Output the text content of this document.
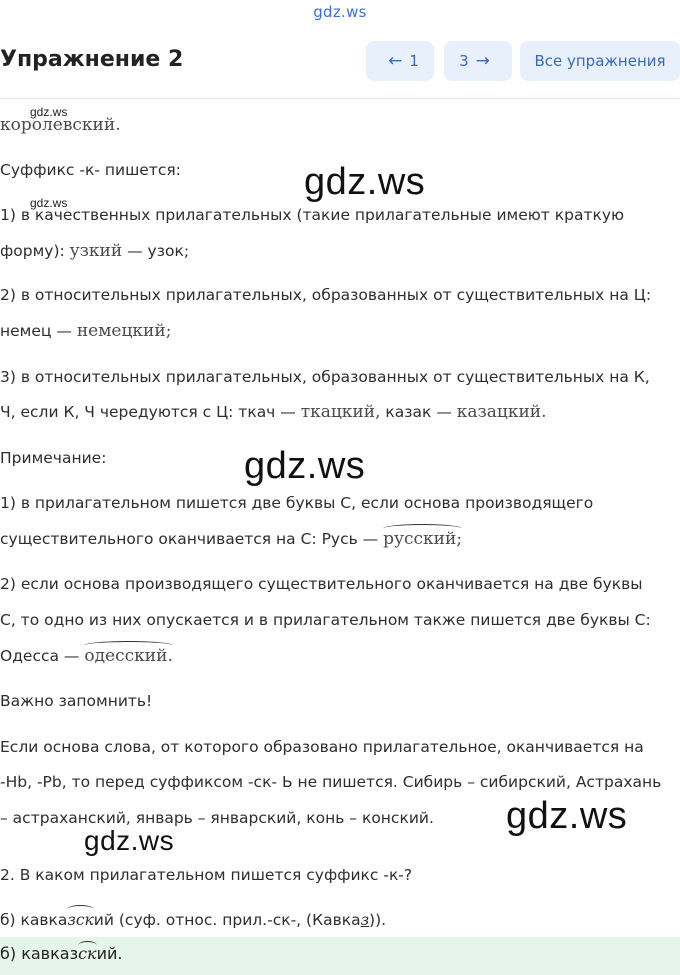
gdz.ws
Упражнение 2	← 1	3 →	Все упражнения
gdz.ws
королевский.
Суффикс -к- пишется:	gdz.ws
gdz.ws
1) в качественных прилагательных (такие прилагательные имеют краткую
форму): узкий — узок;
2) в относительных прилагательных, образованных от существительных на Ц:
немец — немецкий;
3) в относительных прилагательных, образованных от существительных на К,
Ч, если К, Ч чередуются с Ц: ткач — ткацкий, казак — казацкий.
Примечание:	gdz.ws
1) в прилагательном пишется две буквы С, если основа производящего
существительного оканчивается на С: Русь — русский;
2) если основа производящего существительного оканчивается на две буквы
С, то одно из них опускается и в прилагательном также пишется две буквы С:
Одесса — одесский.
Важно запомнить!
Если основа слова, от которого образовано прилагательное, оканчивается на
-Нb, -Рb, то перед суффиксом -ск- Ь не пишется. Сибирь – сибирский, Астрахань
– астраханский, январь – январский, конь – конский. gdz.ws
gdz.ws
2. В каком прилагательном пишется суффикс -к-?
б) кавказский (суф. относ. прил.-ск-, (Кавказ)).
б) кавказский.
